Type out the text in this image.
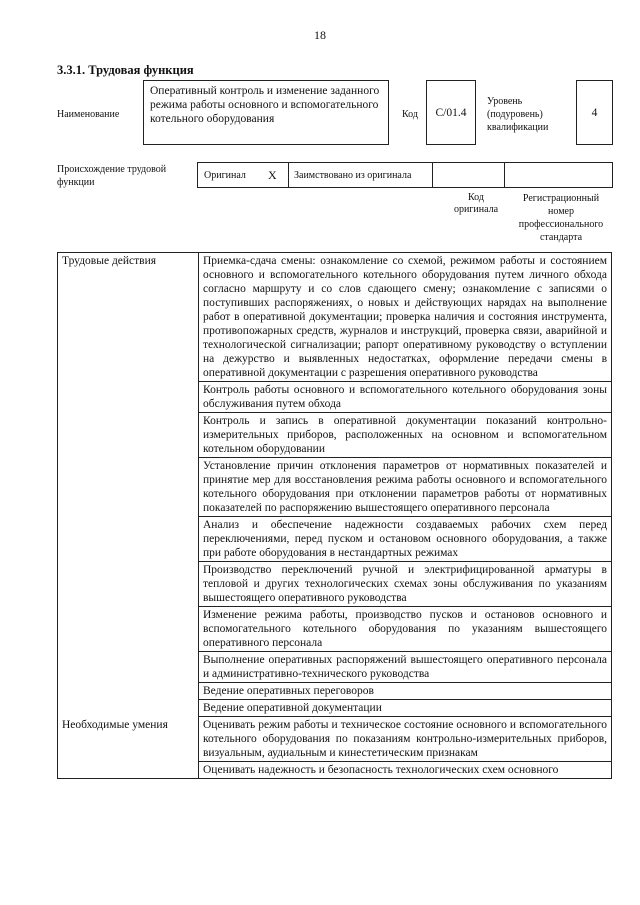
18
3.3.1. Трудовая функция
Наименование
Оперативный контроль и изменение заданного режима работы основного и вспомогательного котельного оборудования	Код	C/01.4
Уровень (подуровень) квалификации
4
Происхождение трудовой функции
Оригинал X Заимствовано из оригинала
Код оригинала
Регистрационный номер профессионального стандарта
Трудовые действия	Приемка-сдача смены: ознакомление со схемой, режимом работы и состоянием основного и вспомогательного котельного оборудования путем личного обхода согласно маршруту и со слов сдающего смену; ознакомление с записями о поступивших распоряжениях, о новых и действующих нарядах на выполнение работ в оперативной документации; проверка наличия и состояния инструмента, противопожарных средств, журналов и инструкций, проверка связи, аварийной и технологической сигнализации; рапорт оперативному руководству о вступлении на дежурство и выявленных недостатках, оформление передачи смены в оперативной документации с разрешения оперативного руководства
Контроль работы основного и вспомогательного котельного оборудования зоны обслуживания путем обхода
Контроль и запись в оперативной документации показаний контрольно-измерительных приборов, расположенных на основном и вспомогательном котельном оборудовании
Установление причин отклонения параметров от нормативных показателей и принятие мер для восстановления режима работы основного и вспомогательного котельного оборудования при отклонении параметров работы от нормативных показателей по распоряжению вышестоящего оперативного персонала
Анализ и обеспечение надежности создаваемых рабочих схем перед переключениями, перед пуском и остановом основного оборудования, а также при работе оборудования в нестандартных режимах
Производство переключений ручной и электрифицированной арматуры в тепловой и других технологических схемах зоны обслуживания по указаниям вышестоящего оперативного руководства
Изменение режима работы, производство пусков и остановов основного и вспомогательного котельного оборудования по указаниям вышестоящего оперативного персонала
Выполнение оперативных распоряжений вышестоящего оперативного персонала и административно-технического руководства
Ведение оперативных переговоров
Ведение оперативной документации
Необходимые умения	Оценивать режим работы и техническое состояние основного и вспомогательного котельного оборудования по показаниям контрольно-измерительных приборов, визуальным, аудиальным и кинестетическим признакам
Оценивать надежность и безопасность технологических схем основного
